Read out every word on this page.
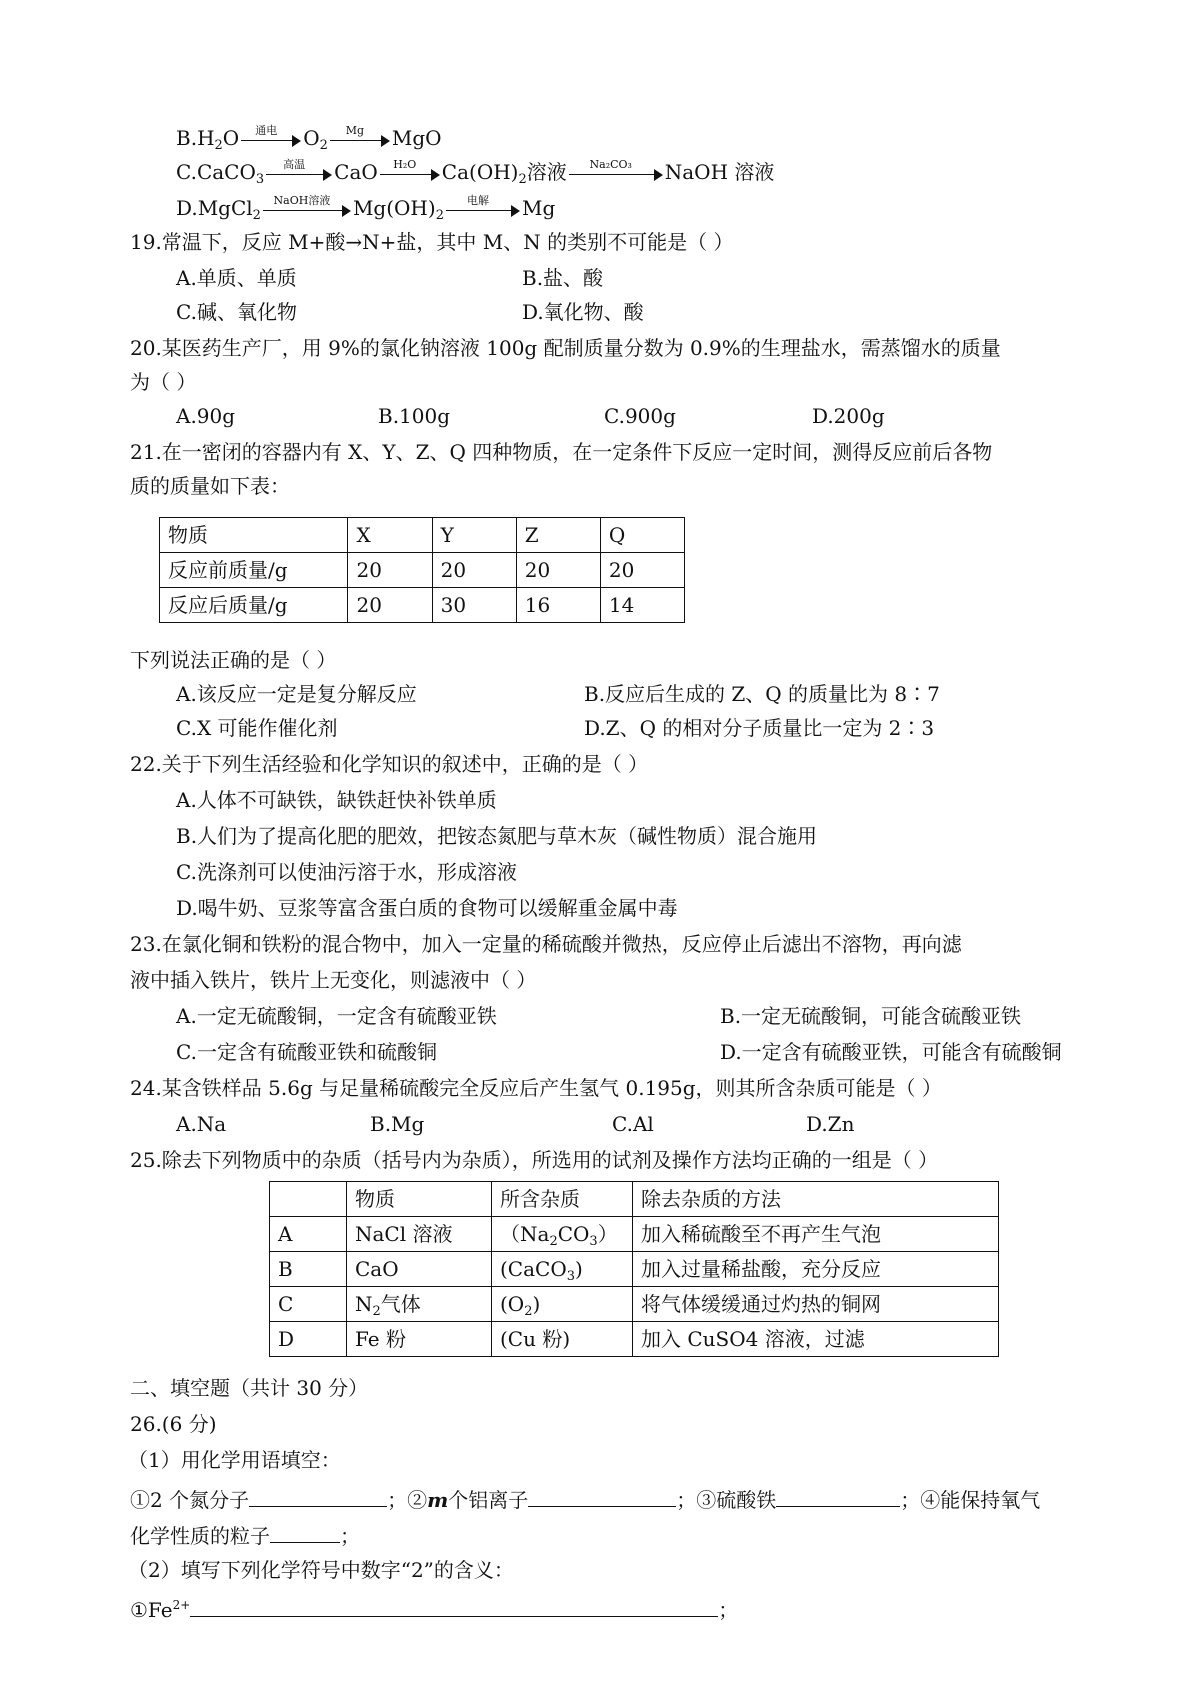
$B.H_2O$	通电	$O_2$
Mg	MgO
C.CaCO$_3$
高温	CaO	H₂O	$Ca(OH)_2$溶液	Na₂CO₃	NaOH 溶液
D.MgCl$_2$
NaOH溶液	$Mg(OH)_2$
电解	Mg
19.常温下，反应 M+酸→N+盐，其中 M、N 的类别不可能是（ ）
A.单质、单质	B.盐、酸
C.碱、氧化物	D.氧化物、酸
20.某医药生产厂，用 9%的氯化钠溶液 100g 配制质量分数为 0.9%的生理盐水，需蒸馏水的质量
为（ ）
A.90g	B.100g	C.900g	D.200g
21.在一密闭的容器内有 X、Y、Z、Q 四种物质，在一定条件下反应一定时间，测得反应前后各物
质的质量如下表：
物质	X	Y	Z	Q
反应前质量/g	20	20	20	20
反应后质量/g	20	30	16	14
下列说法正确的是（ ）
A.该反应一定是复分解反应	B.反应后生成的 Z、Q 的质量比为 8∶7
C.X 可能作催化剂	D.Z、Q 的相对分子质量比一定为 2∶3
22.关于下列生活经验和化学知识的叙述中，正确的是（ ）
A.人体不可缺铁，缺铁赶快补铁单质
B.人们为了提高化肥的肥效，把铵态氮肥与草木灰（碱性物质）混合施用
C.洗涤剂可以使油污溶于水，形成溶液
D.喝牛奶、豆浆等富含蛋白质的食物可以缓解重金属中毒
23.在氯化铜和铁粉的混合物中，加入一定量的稀硫酸并微热，反应停止后滤出不溶物，再向滤
液中插入铁片，铁片上无变化，则滤液中（ ）
A.一定无硫酸铜，一定含有硫酸亚铁	B.一定无硫酸铜，可能含硫酸亚铁
C.一定含有硫酸亚铁和硫酸铜	D.一定含有硫酸亚铁，可能含有硫酸铜
24.某含铁样品 5.6g 与足量稀硫酸完全反应后产生氢气 0.195g，则其所含杂质可能是（ ）
A.Na	B.Mg	C.Al	D.Zn
25.除去下列物质中的杂质（括号内为杂质），所选用的试剂及操作方法均正确的一组是（ ）
	物质	所含杂质	除去杂质的方法
A	NaCl 溶液	$(Na_2CO_3)$	加入稀硫酸至不再产生气泡
B	CaO	(CaCO$_3$)	加入过量稀盐酸，充分反应
C	$N_2$气体	$(O_2)$	将气体缓缓通过灼热的铜网
D	Fe 粉	(Cu 粉)	加入 CuSO4 溶液，过滤
二、填空题（共计 30 分）
26.(6 分)
（1）用化学用语填空：
①2 个氮分子	；②m个铝离子	；③硫酸铁	；④能保持氧气
化学性质的粒子	；
（2）填写下列化学符号中数字“2”的含义：
$①Fe^{2+}$	；
